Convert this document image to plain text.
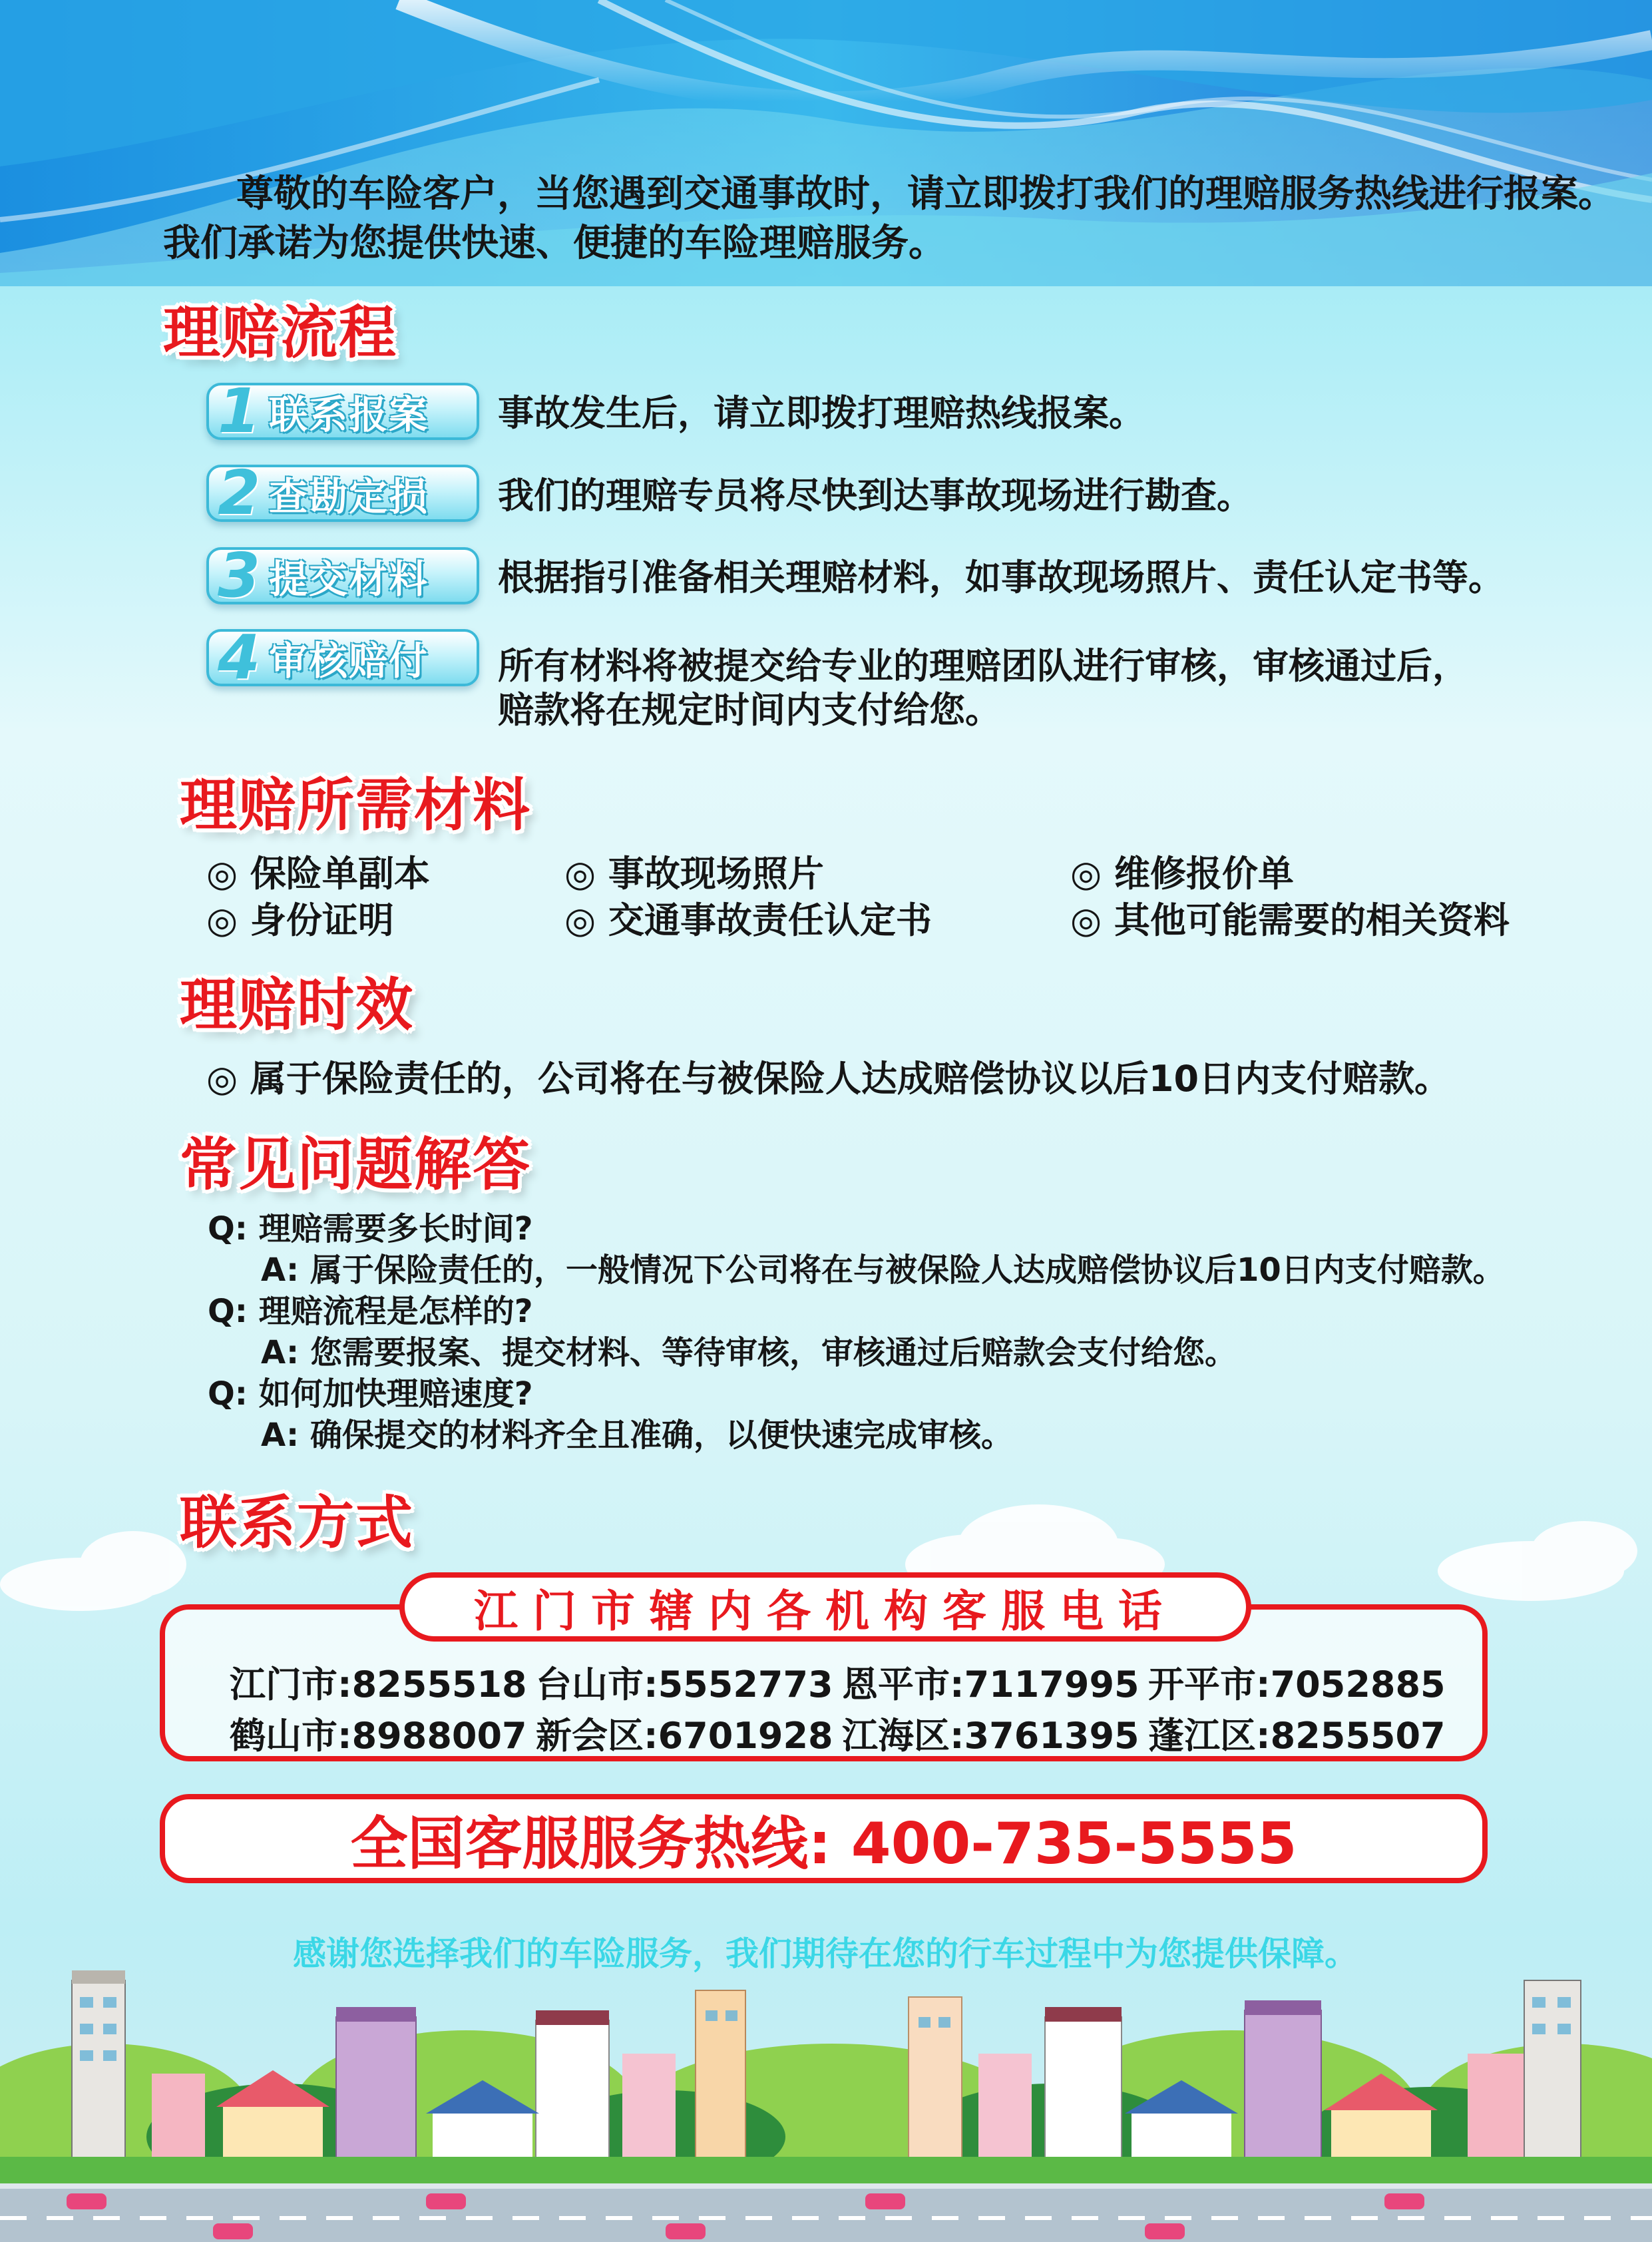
尊敬的车险客户，当您遇到交通事故时，请立即拨打我们的理赔服务热线进行报案。
我们承诺为您提供快速、便捷的车险理赔服务。
理赔流程
1 联系报案 事故发生后，请立即拨打理赔热线报案。
2 查勘定损 我们的理赔专员将尽快到达事故现场进行勘查。
3 提交材料 根据指引准备相关理赔材料，如事故现场照片、责任认定书等。
4 审核赔付 所有材料将被提交给专业的理赔团队进行审核，审核通过后，
赔款将在规定时间内支付给您。
理赔所需材料
◎ 保险单副本	◎ 事故现场照片	◎ 维修报价单
◎ 身份证明	◎ 交通事故责任认定书	◎ 其他可能需要的相关资料
理赔时效
◎ 属于保险责任的，公司将在与被保险人达成赔偿协议以后10日内支付赔款。
常见问题解答
Q: 理赔需要多长时间?
A: 属于保险责任的，一般情况下公司将在与被保险人达成赔偿协议后10日内支付赔款。
Q: 理赔流程是怎样的?
A: 您需要报案、提交材料、等待审核，审核通过后赔款会支付给您。
Q: 如何加快理赔速度?
A: 确保提交的材料齐全且准确，以便快速完成审核。
联系方式
江门市辖内各机构客服电话
江门市:8255518 台山市:5552773 恩平市:7117995 开平市:7052885
鹤山市:8988007 新会区:6701928 江海区:3761395 蓬江区:8255507
全国客服服务热线: 400-735-5555
感谢您选择我们的车险服务，我们期待在您的行车过程中为您提供保障。
